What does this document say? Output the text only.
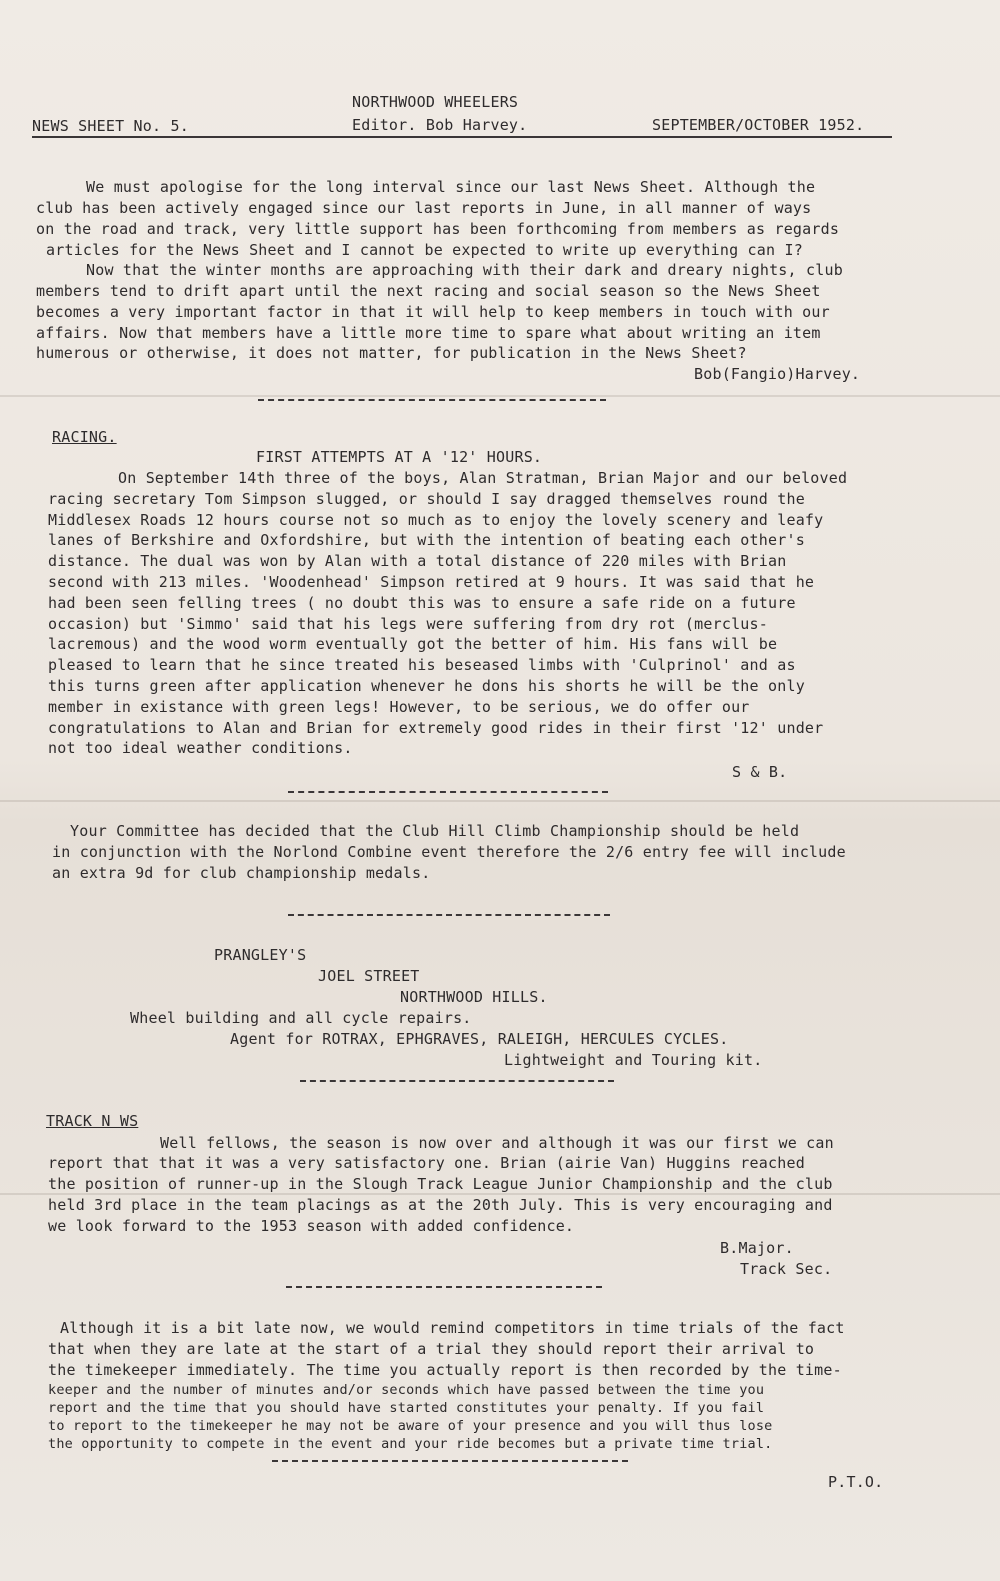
NORTHWOOD WHEELERS
NEWS SHEET No. 5.	Editor. Bob Harvey.	SEPTEMBER/OCTOBER 1952.
We must apologise for the long interval since our last News Sheet. Although the
club has been actively engaged since our last reports in June, in all manner of ways
on the road and track, very little support has been forthcoming from members as regards
articles for the News Sheet and I cannot be expected to write up everything can I?
Now that the winter months are approaching with their dark and dreary nights, club
members tend to drift apart until the next racing and social season so the News Sheet
becomes a very important factor in that it will help to keep members in touch with our
affairs. Now that members have a little more time to spare what about writing an item
humerous or otherwise, it does not matter, for publication in the News Sheet?
Bob(Fangio)Harvey.
RACING.
FIRST ATTEMPTS AT A '12' HOURS.
On September 14th three of the boys, Alan Stratman, Brian Major and our beloved
racing secretary Tom Simpson slugged, or should I say dragged themselves round the
Middlesex Roads 12 hours course not so much as to enjoy the lovely scenery and leafy
lanes of Berkshire and Oxfordshire, but with the intention of beating each other's
distance. The dual was won by Alan with a total distance of 220 miles with Brian
second with 213 miles. 'Woodenhead' Simpson retired at 9 hours. It was said that he
had been seen felling trees ( no doubt this was to ensure a safe ride on a future
occasion) but 'Simmo' said that his legs were suffering from dry rot (merclus-
lacremous) and the wood worm eventually got the better of him. His fans will be
pleased to learn that he since treated his beseased limbs with 'Culprinol' and as
this turns green after application whenever he dons his shorts he will be the only
member in existance with green legs! However, to be serious, we do offer our
congratulations to Alan and Brian for extremely good rides in their first '12' under
not too ideal weather conditions.
S & B.
Your Committee has decided that the Club Hill Climb Championship should be held
in conjunction with the Norlond Combine event therefore the 2/6 entry fee will include
an extra 9d for club championship medals.
PRANGLEY'S
JOEL STREET
NORTHWOOD HILLS.
Wheel building and all cycle repairs.
Agent for ROTRAX, EPHGRAVES, RALEIGH, HERCULES CYCLES.
Lightweight and Touring kit.
TRACK N WS
Well fellows, the season is now over and although it was our first we can
report that that it was a very satisfactory one. Brian (airie Van) Huggins reached
the position of runner-up in the Slough Track League Junior Championship and the club
held 3rd place in the team placings as at the 20th July. This is very encouraging and
we look forward to the 1953 season with added confidence.
B.Major.
Track Sec.
Although it is a bit late now, we would remind competitors in time trials of the fact
that when they are late at the start of a trial they should report their arrival to
the timekeeper immediately. The time you actually report is then recorded by the time-
keeper and the number of minutes and/or seconds which have passed between the time you
report and the time that you should have started constitutes your penalty. If you fail
to report to the timekeeper he may not be aware of your presence and you will thus lose
the opportunity to compete in the event and your ride becomes but a private time trial.
P.T.O.
